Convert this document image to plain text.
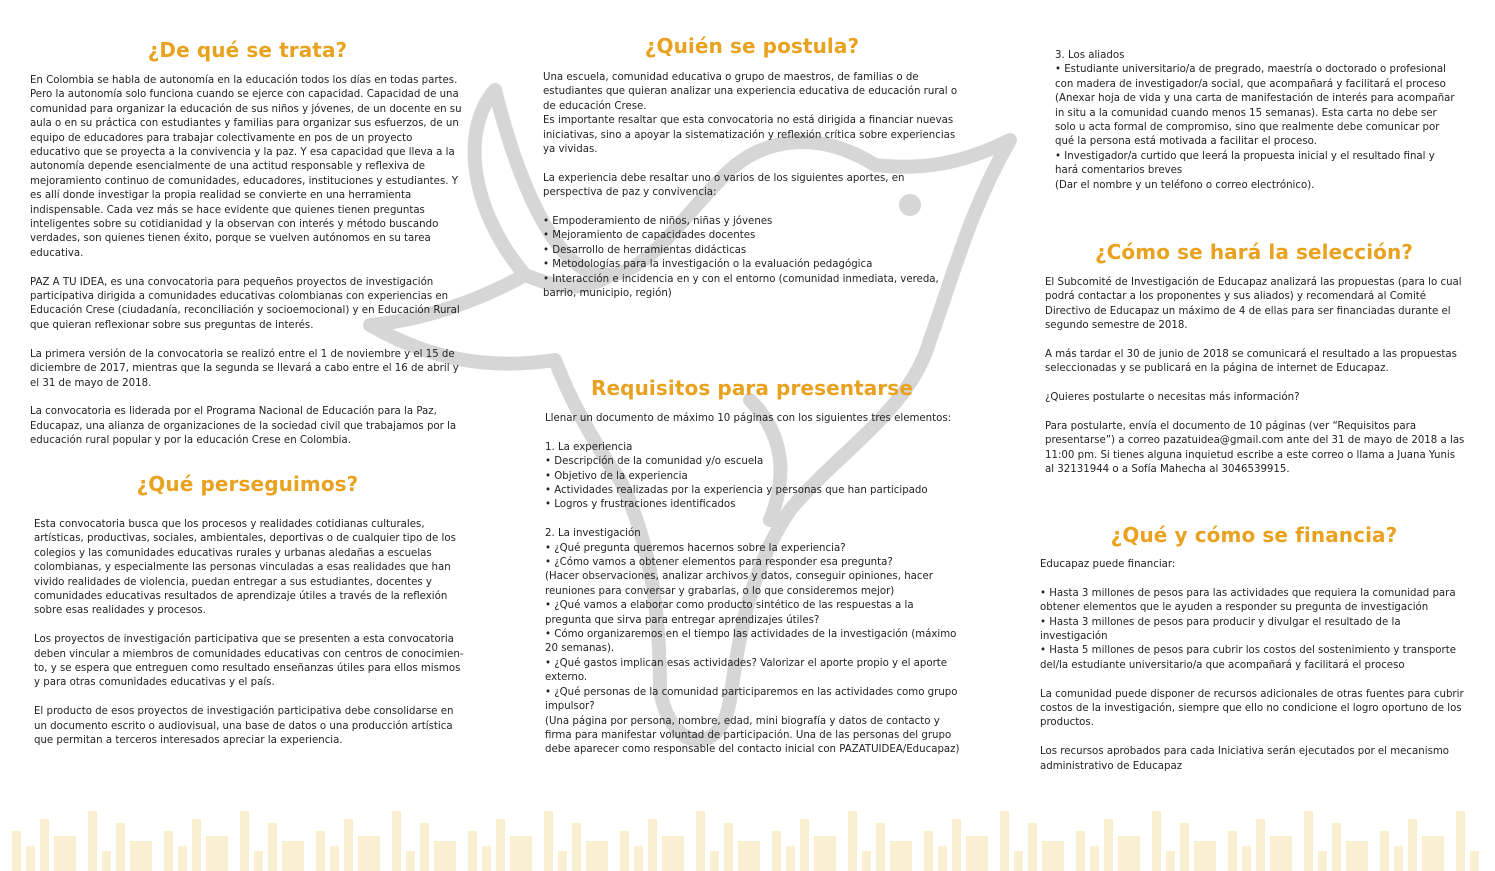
¿De qué se trata?

En Colombia se habla de autonomía en la educación todos los días en todas partes. Pero la autonomía solo funciona cuando se ejerce con capacidad. Capacidad de una comunidad para organizar la educación de sus niños y jóvenes, de un docente en su aula o en su práctica con estudiantes y familias para organizar sus esfuerzos, de un equipo de educadores para trabajar colectivamente en pos de un proyecto educativo que se proyecta a la convivencia y la paz. Y esa capacidad que lleva a la autonomía depende esencialmente de una actitud responsable y reflexiva de mejoramiento continuo de comunidades, educadores, instituciones y estudiantes. Y es allí donde investigar la propia realidad se convierte en una herramienta indispensable. Cada vez más se hace evidente que quienes tienen preguntas inteligentes sobre su cotidianidad y la observan con interés y método buscando verdades, son quienes tienen éxito, porque se vuelven autónomos en su tarea educativa.

PAZ A TU IDEA, es una convocatoria para pequeños proyectos de investigación participativa dirigida a comunidades educativas colombianas con experiencias en Educación Crese (ciudadanía, reconciliación y socioemocional) y en Educación Rural que quieran reflexionar sobre sus preguntas de interés.

La primera versión de la convocatoria se realizó entre el 1 de noviembre y el 15 de diciembre de 2017, mientras que la segunda se llevará a cabo entre el 16 de abril y el 31 de mayo de 2018.

La convocatoria es liderada por el Programa Nacional de Educación para la Paz, Educapaz, una alianza de organizaciones de la sociedad civil que trabajamos por la educación rural popular y por la educación Crese en Colombia.

¿Qué perseguimos?

Esta convocatoria busca que los procesos y realidades cotidianas culturales, artísticas, productivas, sociales, ambientales, deportivas o de cualquier tipo de los colegios y las comunidades educativas rurales y urbanas aledañas a escuelas colombianas, y especialmente las personas vinculadas a esas realidades que han vivido realidades de violencia, puedan entregar a sus estudiantes, docentes y comunidades educativas resultados de aprendizaje útiles a través de la reflexión sobre esas realidades y procesos.

Los proyectos de investigación participativa que se presenten a esta convocatoria deben vincular a miembros de comunidades educativas con centros de conocimien-to, y se espera que entreguen como resultado enseñanzas útiles para ellos mismos y para otras comunidades educativas y el país.

El producto de esos proyectos de investigación participativa debe consolidarse en un documento escrito o audiovisual, una base de datos o una producción artística que permitan a terceros interesados apreciar la experiencia.

¿Quién se postula?

Una escuela, comunidad educativa o grupo de maestros, de familias o de estudiantes que quieran analizar una experiencia educativa de educación rural o de educación Crese.

Es importante resaltar que esta convocatoria no está dirigida a financiar nuevas iniciativas, sino a apoyar la sistematización y reflexión crítica sobre experiencias ya vividas.

La experiencia debe resaltar uno o varios de los siguientes aportes, en perspectiva de paz y convivencia:

• Empoderamiento de niños, niñas y jóvenes
• Mejoramiento de capacidades docentes
• Desarrollo de herramientas didácticas
• Metodologías para la investigación o la evaluación pedagógica
• Interacción e incidencia en y con el entorno (comunidad inmediata, vereda, barrio, municipio, región)
Requisitos para presentarse

Llenar un documento de máximo 10 páginas con los siguientes tres elementos:

1. La experiencia
• Descripción de la comunidad y/o escuela
• Objetivo de la experiencia
• Actividades realizadas por la experiencia y personas que han participado
• Logros y frustraciones identificados
2. La investigación
• ¿Qué pregunta queremos hacernos sobre la experiencia?
• ¿Cómo vamos a obtener elementos para responder esa pregunta?
(Hacer observaciones, analizar archivos y datos, conseguir opiniones, hacer reuniones para conversar y grabarlas, o lo que consideremos mejor)
• ¿Qué vamos a elaborar como producto sintético de las respuestas a la pregunta que sirva para entregar aprendizajes útiles?
• Cómo organizaremos en el tiempo las actividades de la investigación (máximo 20 semanas).
• ¿Qué gastos implican esas actividades? Valorizar el aporte propio y el aporte externo.
• ¿Qué personas de la comunidad participaremos en las actividades como grupo impulsor?
(Una página por persona, nombre, edad, mini biografía y datos de contacto y firma para manifestar voluntad de participación. Una de las personas del grupo debe aparecer como responsable del contacto inicial con PAZATUIDEA/Educapaz)
3. Los aliados
• Estudiante universitario/a de pregrado, maestría o doctorado o profesional con madera de investigador/a social, que acompañará y facilitará el proceso
(Anexar hoja de vida y una carta de manifestación de interés para acompañar in situ a la comunidad cuando menos 15 semanas). Esta carta no debe ser solo u acta formal de compromiso, sino que realmente debe comunicar por qué la persona está motivada a facilitar el proceso.
• Investigador/a curtido que leerá la propuesta inicial y el resultado final y hará comentarios breves
(Dar el nombre y un teléfono o correo electrónico).
¿Cómo se hará la selección?

El Subcomité de Investigación de Educapaz analizará las propuestas (para lo cual podrá contactar a los proponentes y sus aliados) y recomendará al Comité Directivo de Educapaz un máximo de 4 de ellas para ser financiadas durante el segundo semestre de 2018.

A más tardar el 30 de junio de 2018 se comunicará el resultado a las propuestas seleccionadas y se publicará en la página de internet de Educapaz.

¿Quieres postularte o necesitas más información?

Para postularte, envía el documento de 10 páginas (ver “Requisitos para presentarse”) a correo pazatuidea@gmail.com ante del 31 de mayo de 2018 a las 11:00 pm. Si tienes alguna inquietud escribe a este correo o llama a Juana Yunis al 32131944 o a Sofía Mahecha al 3046539915.

¿Qué y cómo se financia?

Educapaz puede financiar:

• Hasta 3 millones de pesos para las actividades que requiera la comunidad para obtener elementos que le ayuden a responder su pregunta de investigación
• Hasta 3 millones de pesos para producir y divulgar el resultado de la investigación
• Hasta 5 millones de pesos para cubrir los costos del sostenimiento y transporte del/la estudiante universitario/a que acompañará y facilitará el proceso

La comunidad puede disponer de recursos adicionales de otras fuentes para cubrir costos de la investigación, siempre que ello no condicione el logro oportuno de los productos.

Los recursos aprobados para cada Iniciativa serán ejecutados por el mecanismo administrativo de Educapaz
